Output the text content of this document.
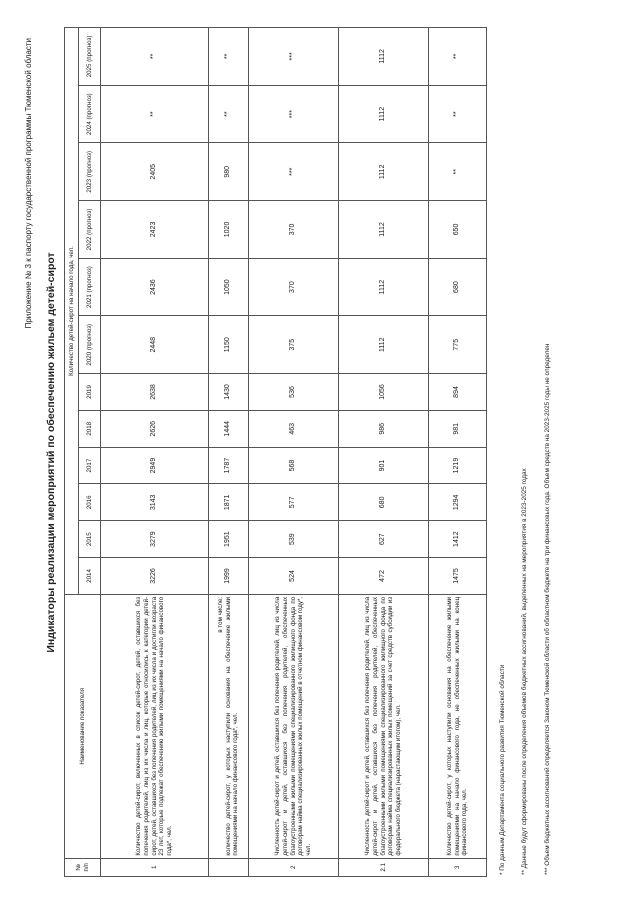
Приложение № 3 к паспорту государственной программы Тюменской области
Индикаторы реализации мероприятий по обеспечению жильем детей-сирот
№ п/п	Наименование показателя	Количество детей-сирот на начало года, чел.											
		2014	2015	2016	2017	2018	2019	2020 (прогноз)	2021 (прогноз)	2022 (прогноз)	2023 (прогноз)	2024 (прогноз)	2025 (прогноз)
1	Количество детей-сирот, включенных в список детей-сирот, детей, оставшихся без попечения родителей, лиц из их числа и лиц, которые относились к категории детей-сирот, детей, оставшихся без попечения родителей, лиц из их числа и достигли возраста 23 лет, которые подлежат обеспечению жилыми помещениями на начало финансового года*, чел.	3226	3279	3143	2949	2626	2638	2448	2436	2423	2405	**	**

	в том числе: количество детей-сирот, у которых наступили основания на обеспечение жилыми помещениями на начало финансового года*, чел.	1999	1951	1871	1787	1444	1430	1150	1050	1020	980	**	**
2	Численность детей-сирот и детей, оставшихся без попечения родителей, лиц из числа детей-сирот и детей, оставшихся без попечения родителей, обеспеченных благоустроенными жилыми помещениями специализированного жилищного фонда по договорам найма специализированных жилых помещений в отчетном финансовом году*, чел.	524	539	577	568	463	536	375	370	370	***	***	***
2.1	Численность детей-сирот и детей, оставшихся без попечения родителей, лиц из числа детей-сирот и детей, оставшихся без попечения родителей, обеспеченных благоустроенными жилыми помещениями специализированного жилищного фонда по договорам найма специализированных жилых помещений за счет средств субсидии из федерального бюджета (нарастающим итогом), чел.	472	627	680	901	986	1056	1112	1112	1112	1112	1112	1112
3	Количество детей-сирот, у которых наступили основания на обеспечение жилыми помещениями на начало финансового года, не обеспеченных жилыми на конец финансового года, чел.	1475	1412	1294	1219	981	894	775	680	650	**	**	**
* По данным Департамента социального развития Тюменской области ** Данные будут сформированы после определения объемов бюджетных ассигнований, выделенных на мероприятия в 2023-2025 годах *** Объем бюджетных ассигнований определяется Законом Тюменской области об областном бюджете на три финансовых года. Объем средств на 2023-2025 годы не определен
